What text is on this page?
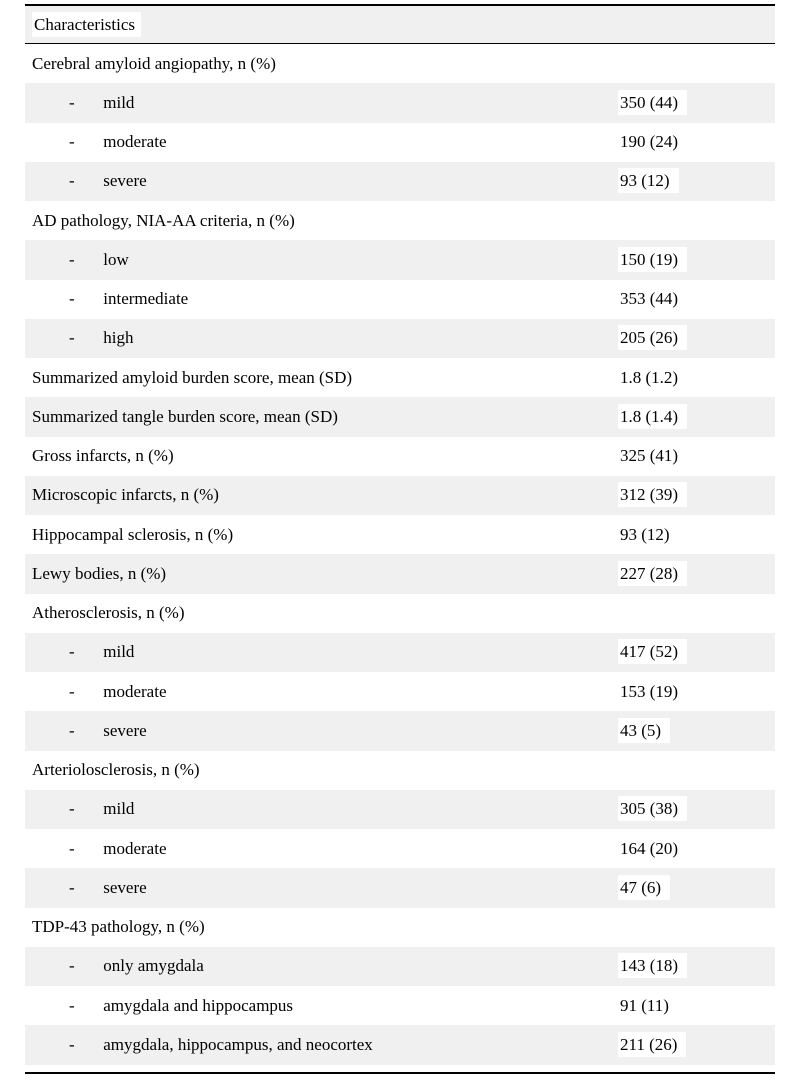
Characteristics
Cerebral amyloid angiopathy, n (%)
- mild	350 (44)
- moderate	190 (24)
- severe	93 (12)
AD pathology, NIA-AA criteria, n (%)
- low	150 (19)
- intermediate	353 (44)
- high	205 (26)
Summarized amyloid burden score, mean (SD)	1.8 (1.2)
Summarized tangle burden score, mean (SD)	1.8 (1.4)
Gross infarcts, n (%)	325 (41)
Microscopic infarcts, n (%)	312 (39)
Hippocampal sclerosis, n (%)	93 (12)
Lewy bodies, n (%)	227 (28)
Atherosclerosis, n (%)
- mild	417 (52)
- moderate	153 (19)
- severe	43 (5)
Arteriolosclerosis, n (%)
- mild	305 (38)
- moderate	164 (20)
- severe	47 (6)
TDP-43 pathology, n (%)
- only amygdala	143 (18)
- amygdala and hippocampus	91 (11)
- amygdala, hippocampus, and neocortex	211 (26)
